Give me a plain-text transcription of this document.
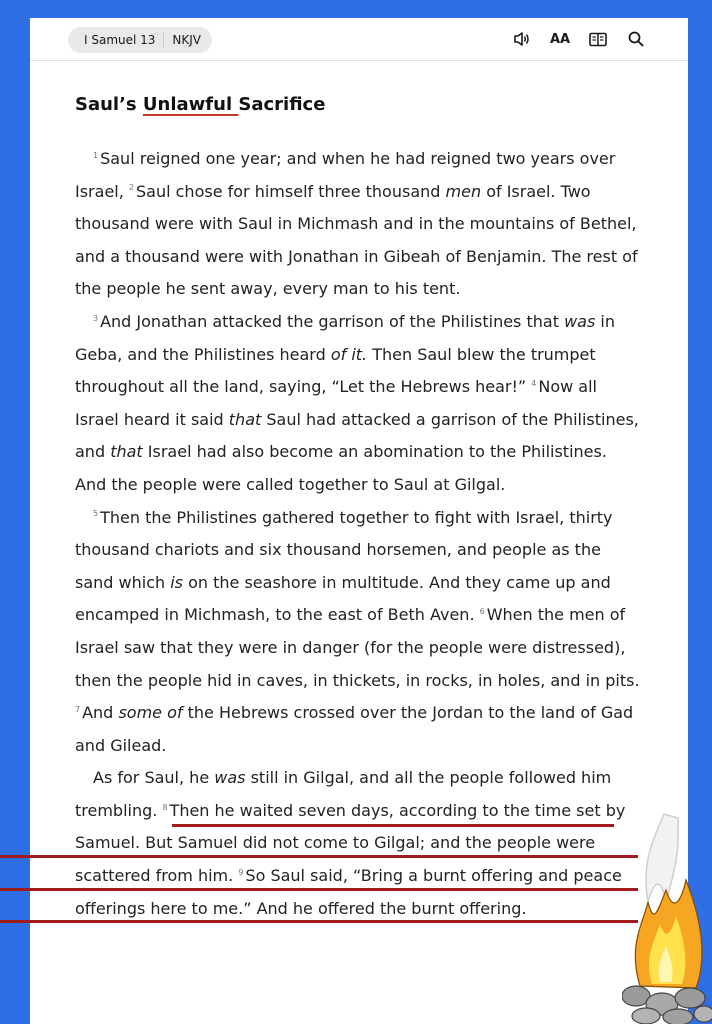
I Samuel 13	NKJV	AA
Saul’s Unlawful Sacrifice

$^1$ Saul reigned one year; and when he had reigned two years over Israel, $^2$ Saul chose for himself three thousand men of Israel. Two thousand were with Saul in Michmash and in the mountains of Bethel, and a thousand were with Jonathan in Gibeah of Benjamin. The rest of the people he sent away, every man to his tent.

$^3$ And Jonathan attacked the garrison of the Philistines that was in Geba, and the Philistines heard of it. Then Saul blew the trumpet throughout all the land, saying, “Let the Hebrews hear!” $^4$ Now all Israel heard it said that Saul had attacked a garrison of the Philistines, and that Israel had also become an abomination to the Philistines. And the people were called together to Saul at Gilgal.

$^5$ Then the Philistines gathered together to fight with Israel, thirty thousand chariots and six thousand horsemen, and people as the sand which is on the seashore in multitude. And they came up and encamped in Michmash, to the east of Beth Aven. $^6$ When the men of Israel saw that they were in danger (for the people were distressed), then the people hid in caves, in thickets, in rocks, in holes, and in pits. $^7$ And some of the Hebrews crossed over the Jordan to the land of Gad and Gilead.

As for Saul, he was still in Gilgal, and all the people followed him trembling. $^8$ Then he waited seven days, according to the time set by Samuel. But Samuel did not come to Gilgal; and the people were scattered from him. $^9$ So Saul said, “Bring a burnt offering and peace offerings here to me.” And he offered the burnt offering.

We can’t just do as we please
We’re to Do as YAH Says…
